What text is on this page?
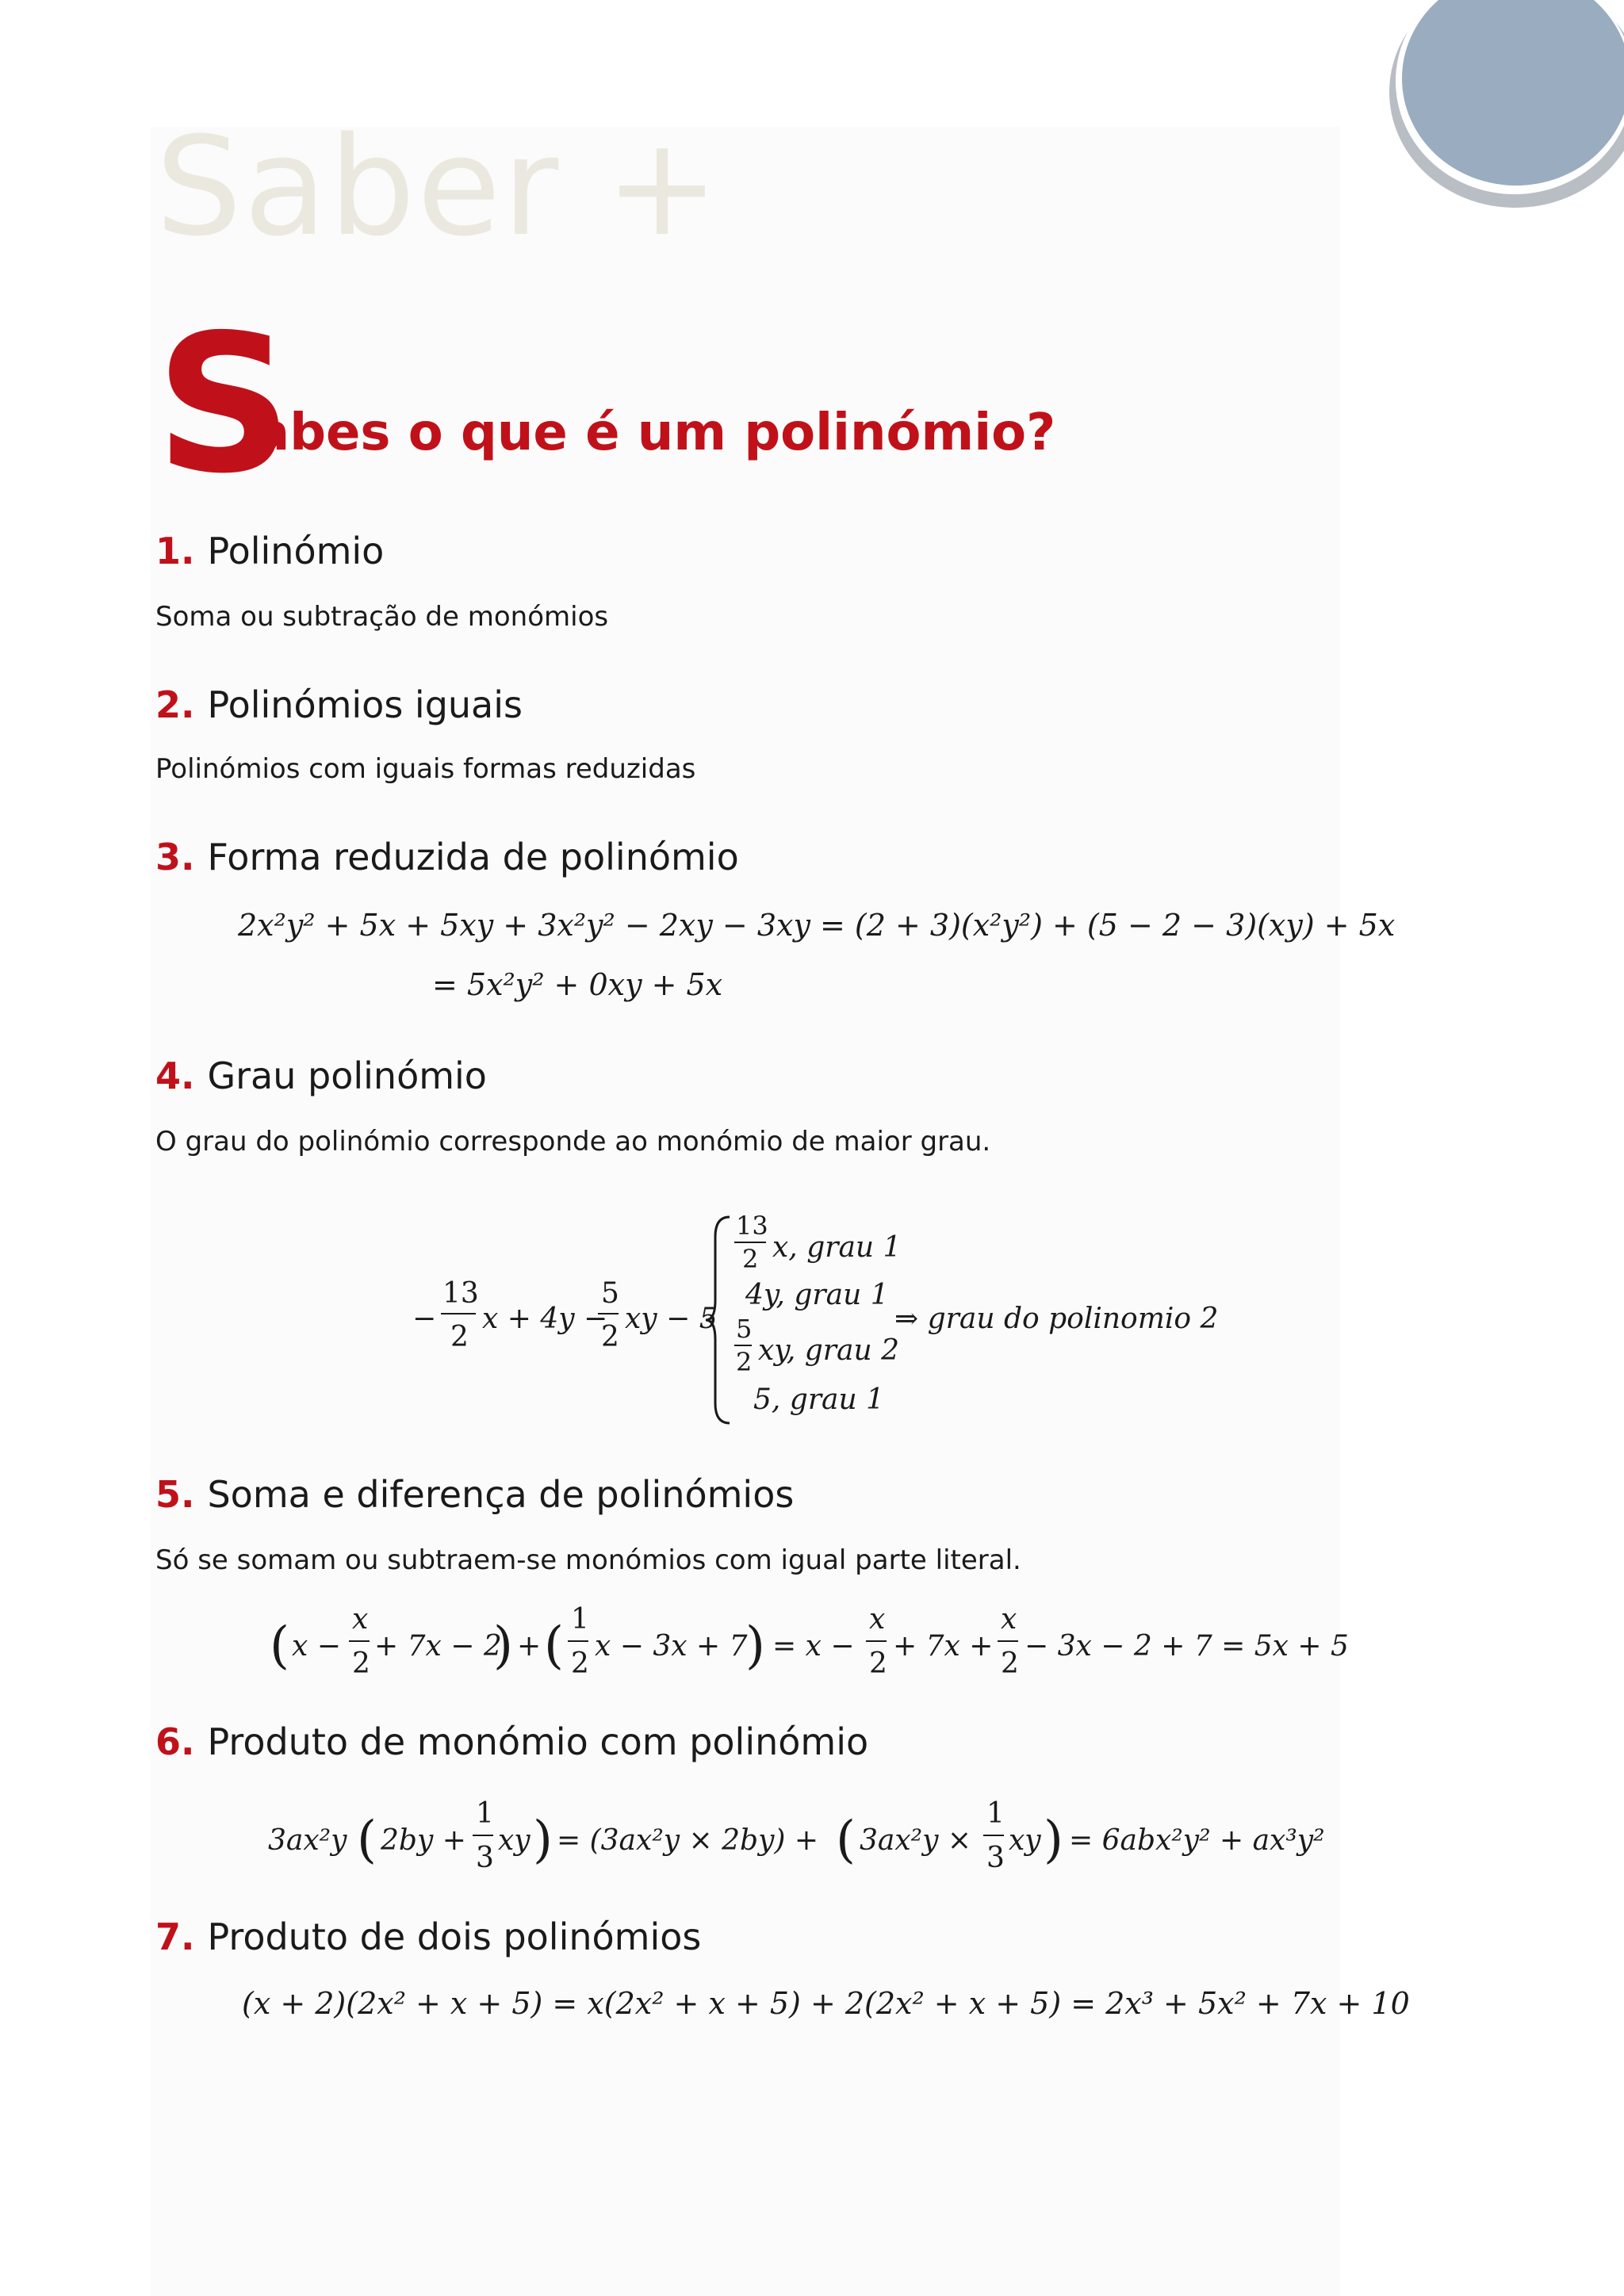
Saber +
S
abes o que é um polinómio?
1. Polinómio
Soma ou subtração de monómios
2. Polinómios iguais
Polinómios com iguais formas reduzidas
3. Forma reduzida de polinómio
2x²y² + 5x + 5xy + 3x²y² − 2xy − 3xy = (2 + 3)(x²y²) + (5 − 2 − 3)(xy) + 5x
= 5x²y² + 0xy + 5x
4. Grau polinómio
O grau do polinómio corresponde ao monómio de maior grau.
−
13
2
x + 4y −
5
2
xy − 5
13
2 x, grau 1
4y, grau 1
5
2 xy, grau 2
5, grau 1
⇒ grau do polinomio 2
5. Soma e diferença de polinómios
Só se somam ou subtraem-se monómios com igual parte literal.
( x −
x
2
+ 7x − 2
) + ( 1
2
x − 3x + 7
) = x −
x
2
+ 7x +
x
2
− 3x − 2 + 7 = 5x + 5
6. Produto de monómio com polinómio
3ax²y ( 2by +
1
3
xy ) = (3ax²y × 2by) + ( 3ax²y ×
1
3
xy ) = 6abx²y² + ax³y²
7. Produto de dois polinómios
(x + 2)(2x² + x + 5) = x(2x² + x + 5) + 2(2x² + x + 5) = 2x³ + 5x² + 7x + 10
